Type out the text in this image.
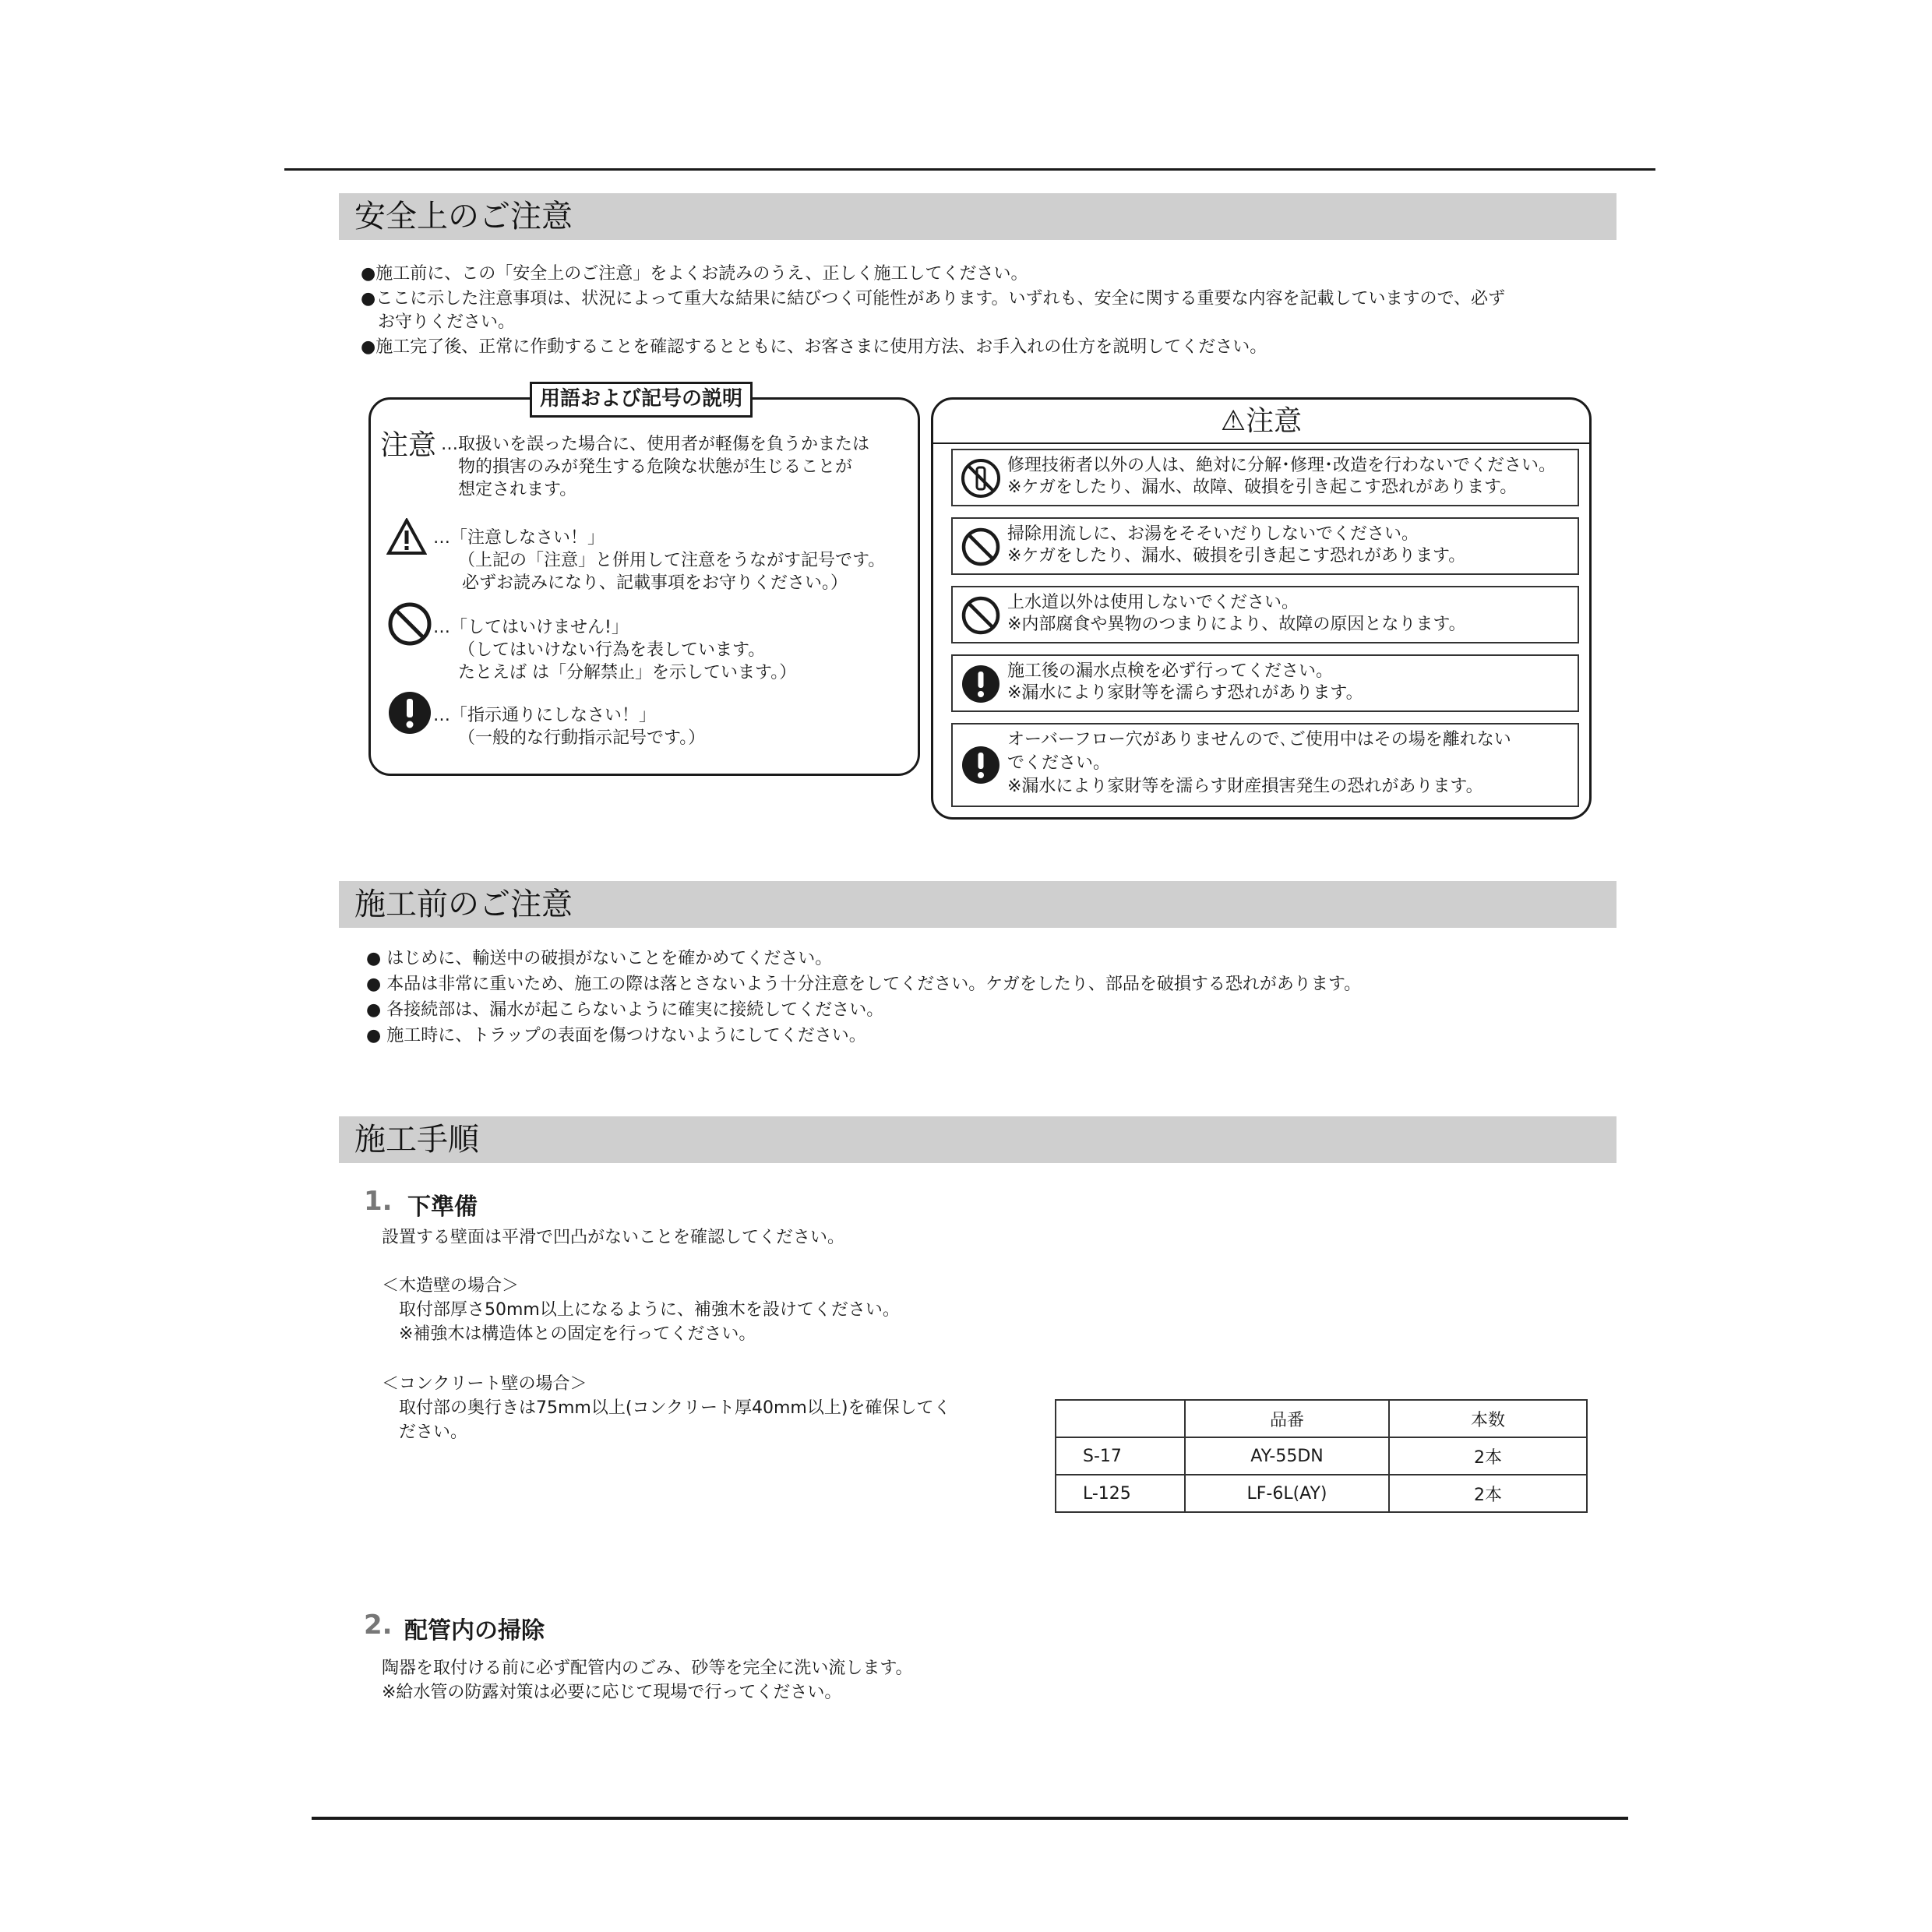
安全上のご注意
●施工前に、この「安全上のご注意」をよくお読みのうえ、正しく施工してください。
●ここに示した注意事項は、状況によって重大な結果に結びつく可能性があります。いずれも、安全に関する重要な内容を記載していますので、必ず
お守りください。
●施工完了後、正常に作動することを確認するとともに、お客さまに使用方法、お手入れの仕方を説明してください。
用語および記号の説明
注意 …取扱いを誤った場合に、使用者が軽傷を負うかまたは
物的損害のみが発生する危険な状態が生じることが
想定されます。
…「注意しなさい！」
（上記の「注意」と併用して注意をうながす記号です。
必ずお読みになり、記載事項をお守りください。）
…「してはいけません!」
（してはいけない行為を表しています。
たとえば は「分解禁止」を示しています。）
…「指示通りにしなさい！」
（一般的な行動指示記号です。）
⚠注意
修理技術者以外の人は、絶対に分解･修理･改造を行わないでください。
※ケガをしたり、漏水、故障、破損を引き起こす恐れがあります。
掃除用流しに、お湯をそそいだりしないでください。
※ケガをしたり、漏水、破損を引き起こす恐れがあります。
上水道以外は使用しないでください。
※内部腐食や異物のつまりにより、故障の原因となります。
施工後の漏水点検を必ず行ってください。
※漏水により家財等を濡らす恐れがあります。
オーバーフロー穴がありませんので､ご使用中はその場を離れない
でください。
※漏水により家財等を濡らす財産損害発生の恐れがあります。
施工前のご注意
● はじめに、輸送中の破損がないことを確かめてください。
● 本品は非常に重いため、施工の際は落とさないよう十分注意をしてください。ケガをしたり、部品を破損する恐れがあります。
● 各接続部は、漏水が起こらないように確実に接続してください。
● 施工時に、トラップの表面を傷つけないようにしてください。
施工手順
1. 下準備
設置する壁面は平滑で凹凸がないことを確認してください。
＜木造壁の場合＞
取付部厚さ50mm以上になるように、補強木を設けてください。
※補強木は構造体との固定を行ってください。
＜コンクリート壁の場合＞
取付部の奥行きは75mm以上(コンクリート厚40mm以上)を確保してく
ださい。
	品番	本数
S-17	AY-55DN	2本
L-125	LF-6L(AY)	2本
2. 配管内の掃除
陶器を取付ける前に必ず配管内のごみ、砂等を完全に洗い流します。
※給水管の防露対策は必要に応じて現場で行ってください。
